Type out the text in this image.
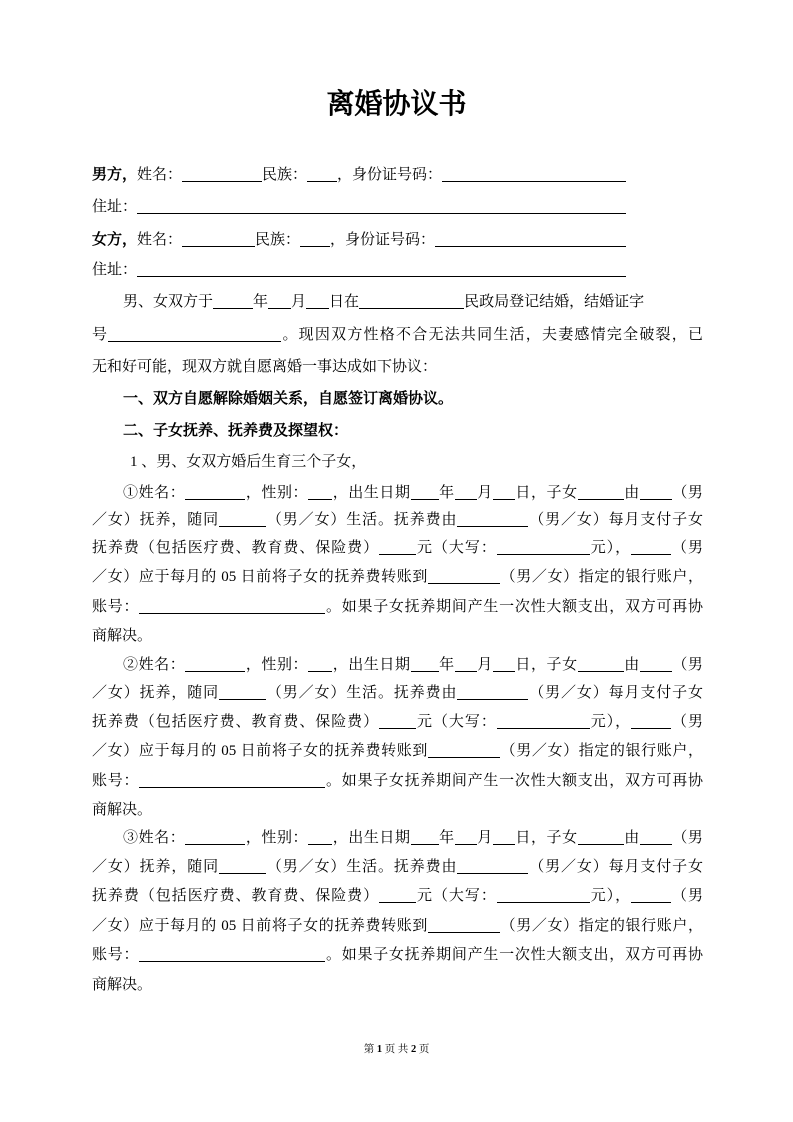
离婚协议书
男方，姓名：	民族： ，身份证号码：
住址：
女方，姓名：	民族： ，身份证号码：
住址：
男、女双方于	年 月 日在	民政局登记结婚，结婚证字
号	。现因双方性格不合无法共同生活，夫妻感情完全破裂，已
无和好可能，现双方就自愿离婚一事达成如下协议：
一、双方自愿解除婚姻关系，自愿签订离婚协议。
二、子女抚养、抚养费及探望权：
1 、男、女双方婚后生育三个子女，
①姓名：	，性别： ，出生日期 年 月 日，子女	由 （男
／女）抚养，随同	（男／女）生活。抚养费由	（男／女）每月支付子女
抚养费（包括医疗费、教育费、保险费） 元（大写：	元），	（男
／女）应于每月的 05 日前将子女的抚养费转账到	（男／女）指定的银行账户，
账号：	。如果子女抚养期间产生一次性大额支出，双方可再协
商解决。
②姓名：	，性别： ，出生日期 年 月 日，子女	由 （男
／女）抚养，随同	（男／女）生活。抚养费由	（男／女）每月支付子女
抚养费（包括医疗费、教育费、保险费） 元（大写：	元），	（男
／女）应于每月的 05 日前将子女的抚养费转账到	（男／女）指定的银行账户，
账号：	。如果子女抚养期间产生一次性大额支出，双方可再协
商解决。
③姓名：	，性别： ，出生日期 年 月 日，子女	由 （男
／女）抚养，随同	（男／女）生活。抚养费由	（男／女）每月支付子女
抚养费（包括医疗费、教育费、保险费） 元（大写：	元），	（男
／女）应于每月的 05 日前将子女的抚养费转账到	（男／女）指定的银行账户，
账号：	。如果子女抚养期间产生一次性大额支出，双方可再协
商解决。
第 1 页 共 2 页
